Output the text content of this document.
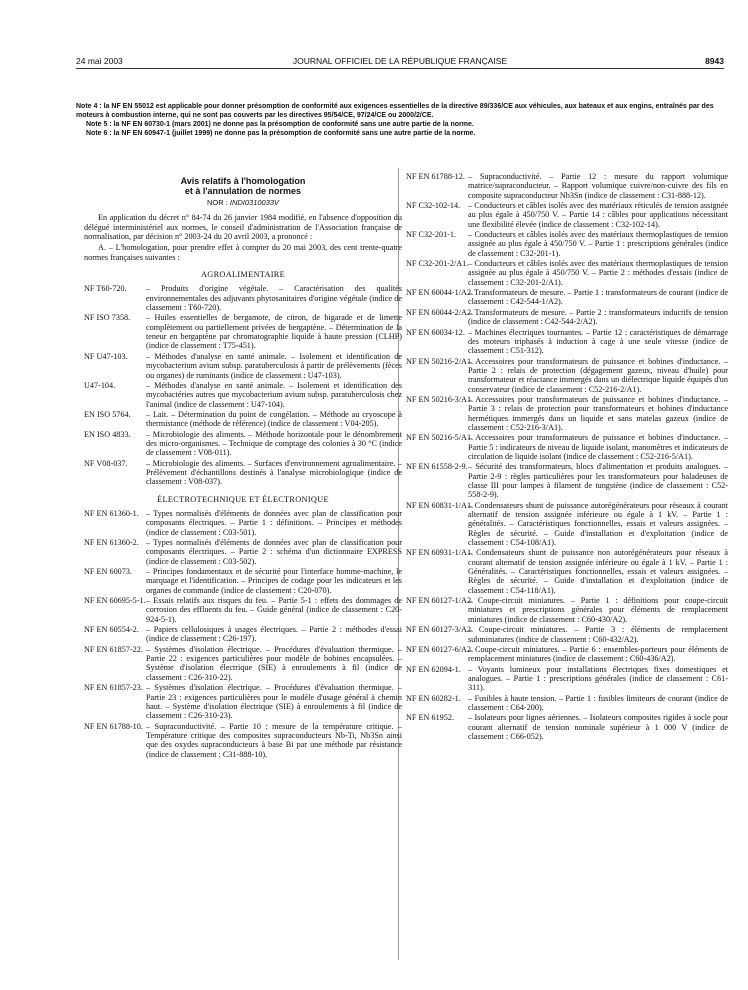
24 mai 2003	JOURNAL OFFICIEL DE LA RÉPUBLIQUE FRANÇAISE	8943

Note 4 : la NF EN 55012 est applicable pour donner présomption de conformité aux exigences essentielles de la directive 89/336/CE aux véhicules, aux bateaux et aux engins, entraînés par des moteurs à combustion interne, qui ne sont pas couverts par les directives 95/54/CE, 97/24/CE ou 2000/2/CE.

Note 5 : la NF EN 60730-1 (mars 2001) ne donne pas la présomption de conformité sans une autre partie de la norme.

Note 6 : la NF EN 60947-1 (juillet 1999) ne donne pas la présomption de conformité sans une autre partie de la norme.

Avis relatifs à l'homologation

et à l'annulation de normes

NOR : INDI0310033V

En application du décret n° 84-74 du 26 janvier 1984 modifié, en l'absence d'opposition du délégué interministériel aux normes, le conseil d'administration de l'Association française de normalisation, par décision n° 2003-24 du 20 avril 2003, a prononcé :

A. – L'homologation, pour prendre effet à compter du 20 mai 2003, des cent trente-quatre normes françaises suivantes :

AGROALIMENTAIRE

NF T60-720.	– Produits d'origine végétale. – Caractérisation des qualités environnementales des adjuvants phytosanitaires d'origine végétale (indice de classement : T60-720).

NF ISO 7358.	– Huiles essentielles de bergamote, de citron, de bigarade et de limette complètement ou partiellement privées de bergaptène. – Détermination de la teneur en bergaptène par chromatographie liquide à haute pression (CLHP) (indice de classement : T75-451).

NF U47-103.	– Méthodes d'analyse en santé animale. – Isolement et identification de mycobacterium avium subsp. paratuberculosis à partir de prélèvements (fèces ou organes) de ruminants (indice de classement : U47-103).

U47-104.	– Méthodes d'analyse en santé animale. – Isolement et identification des mycobactéries autres que mycobacterium avium subsp. paratuberculosis chez l'animal (indice de classement : U47-104).

EN ISO 5764.	– Lait. – Détermination du point de congélation. – Méthode au cryoscope à thermistance (méthode de référence) (indice de classement : V04-205).

EN ISO 4833.	– Microbiologie des aliments. – Méthode horizontale pour le dénombrement des micro-organismes. – Technique de comptage des colonies à 30 °C (indice de classement : V08-011).

NF V08-037.	– Microbiologie des aliments. – Surfaces d'environnement agroalimentaire. – Prélèvement d'échantillons destinés à l'analyse microbiologique (indice de classement : V08-037).

ÉLECTROTECHNIQUE ET ÉLECTRONIQUE

NF EN 61360-1. – Types normalisés d'éléments de données avec plan de classification pour composants électriques. – Partie 1 : définitions. – Principes et méthodes (indice de classement : C03-501).

NF EN 61360-2. – Types normalisés d'éléments de données avec plan de classification pour composants électriques. – Partie 2 : schéma d'un dictionnaire EXPRESS (indice de classement : C03-502).

NF EN 60073.	– Principes fondamentaux et de sécurité pour l'interface homme-machine, le marquage et l'identification. – Principes de codage pour les indicateurs et les organes de commande (indice de classement : C20-070).

NF EN 60695-5-1. – Essais relatifs aux risques du feu. – Partie 5-1 : effets des dommages de corrosion des effluents du feu. – Guide général (indice de classement : C20-924-5-1).

NF EN 60554-2. – Papiers cellulosiques à usages électriques. – Partie 2 : méthodes d'essai (indice de classement : C26-197).

NF EN 61857-22. – Systèmes d'isolation électrique. – Procédures d'évaluation thermique. – Partie 22 : exigences particulières pour modèle de bobines encapsulées. – Système d'isolation électrique (SIE) à enroulements à fil (indice de classement : C26-310-22).

NF EN 61857-23. – Systèmes d'isolation électrique. – Procédures d'évaluation thermique. – Partie 23 : exigences particulières pour le modèle d'usage général à chemin haut. – Système d'isolation électrique (SIE) à enroulements à fil (indice de classement : C26-310-23).

NF EN 61788-10. – Supraconductivité. – Partie 10 : mesure de la température critique. – Température critique des composites supraconducteurs Nb-Ti, Nb3Sn ainsi que des oxydes supraconducteurs à base Bi par une méthode par résistance (indice de classement : C31-888-10).

NF EN 61788-12. – Supraconductivité. – Partie 12 : mesure du rapport volumique matrice/supraconducteur. – Rapport volumique cuivre/non-cuivre des fils en composite supraconducteur Nb3Sn (indice de classement : C31-888-12).

NF C32-102-14. – Conducteurs et câbles isolés avec des matériaux réticulés de tension assignée au plus égale à 450/750 V. – Partie 14 : câbles pour applications nécessitant une flexibilité élevée (indice de classement : C32-102-14).

NF C32-201-1.	– Conducteurs et câbles isolés avec des matériaux thermoplastiques de tension assignée au plus égale à 450/750 V. – Partie 1 : prescriptions générales (indice de classement : C32-201-1).

NF C32-201-2/A1. – Conducteurs et câbles isolés avec des matériaux thermoplastiques de tension assignée au plus égale à 450/750 V. – Partie 2 : méthodes d'essais (indice de classement : C32-201-2/A1).

NF EN 60044-1/A2.
– Transformateurs de mesure. – Partie 1 : transformateurs de courant (indice de classement : C42-544-1/A2).

NF EN 60044-2/A2.
– Transformateurs de mesure. – Partie 2 : transformateurs inductifs de tension (indice de classement : C42-544-2/A2).

NF EN 60034-12. – Machines électriques tournantes. – Partie 12 : caractéristiques de démarrage des moteurs triphasés à induction à cage à une seule vitesse (indice de classement : C51-312).

NF EN 50216-2/A1.
– Accessoires pour transformateurs de puissance et bobines d'inductance. – Partie 2 : relais de protection (dégagement gazeux, niveau d'huile) pour transformateur et réactance immergés dans un diélectrique liquide équipés d'un conservateur (indice de classement : C52-216-2/A1).

NF EN 50216-3/A1.
– Accessoires pour transformateurs de puissance et bobines d'inductance. – Partie 3 : relais de protection pour transformateurs et bobines d'inductance hermétiques immergés dans un liquide et sans matelas gazeux (indice de classement : C52-216-3/A1).

NF EN 50216-5/A1.
– Accessoires pour transformateurs de puissance et bobines d'inductance. – Partie 5 : indicateurs de niveau de liquide isolant, manomètres et indicateurs de circulation de liquide isolant (indice de classement : C52-216-5/A1).

NF EN 61558-2-9. – Sécurité des transformateurs, blocs d'alimentation et produits analogues. – Partie 2-9 : règles particulières pour les transformateurs pour baladeuses de classe III pour lampes à filament de tungstène (indice de classement : C52-558-2-9).

NF EN 60831-1/A1.
– Condensateurs shunt de puissance autorégénérateurs pour réseaux à courant alternatif de tension assignée inférieure ou égale à 1 kV. – Partie 1 : généralités. – Caractéristiques fonctionnelles, essais et valeurs assignées. – Règles de sécurité. – Guide d'installation et d'exploitation (indice de classement : C54-108/A1).

NF EN 60931-1/A1.
– Condensateurs shunt de puissance non autorégénérateurs pour réseaux à courant alternatif de tension assignée inférieure ou égale à 1 kV. – Partie 1 : Généralités. – Caractéristiques fonctionnelles, essais et valeurs assignées. – Règles de sécurité. – Guide d'installation et d'exploitation (indice de classement : C54-118/A1).

NF EN 60127-1/A2.
– Coupe-circuit miniatures. – Partie 1 : définitions pour coupe-circuit miniatures et prescriptions générales pour éléments de remplacement miniatures (indice de classement : C60-430/A2).

NF EN 60127-3/A2.
– Coupe-circuit miniatures. – Partie 3 : éléments de remplacement subminiatures (indice de classement : C60-432/A2).

NF EN 60127-6/A2.
– Coupe-circuit miniatures. – Partie 6 : ensembles-porteurs pour éléments de remplacement miniatures (indice de classement : C60-436/A2).

NF EN 62094-1. – Voyants lumineux pour installations électriques fixes domestiques et analogues. – Partie 1 : prescriptions générales (indice de classement : C61-311).

NF EN 60282-1. – Fusibles à haute tension. – Partie 1 : fusibles limiteurs de courant (indice de classement : C64-200).

NF EN 61952.	– Isolateurs pour lignes aériennes. – Isolateurs composites rigides à socle pour courant alternatif de tension nominale supérieur à 1 000 V (indice de classement : C66-052).
